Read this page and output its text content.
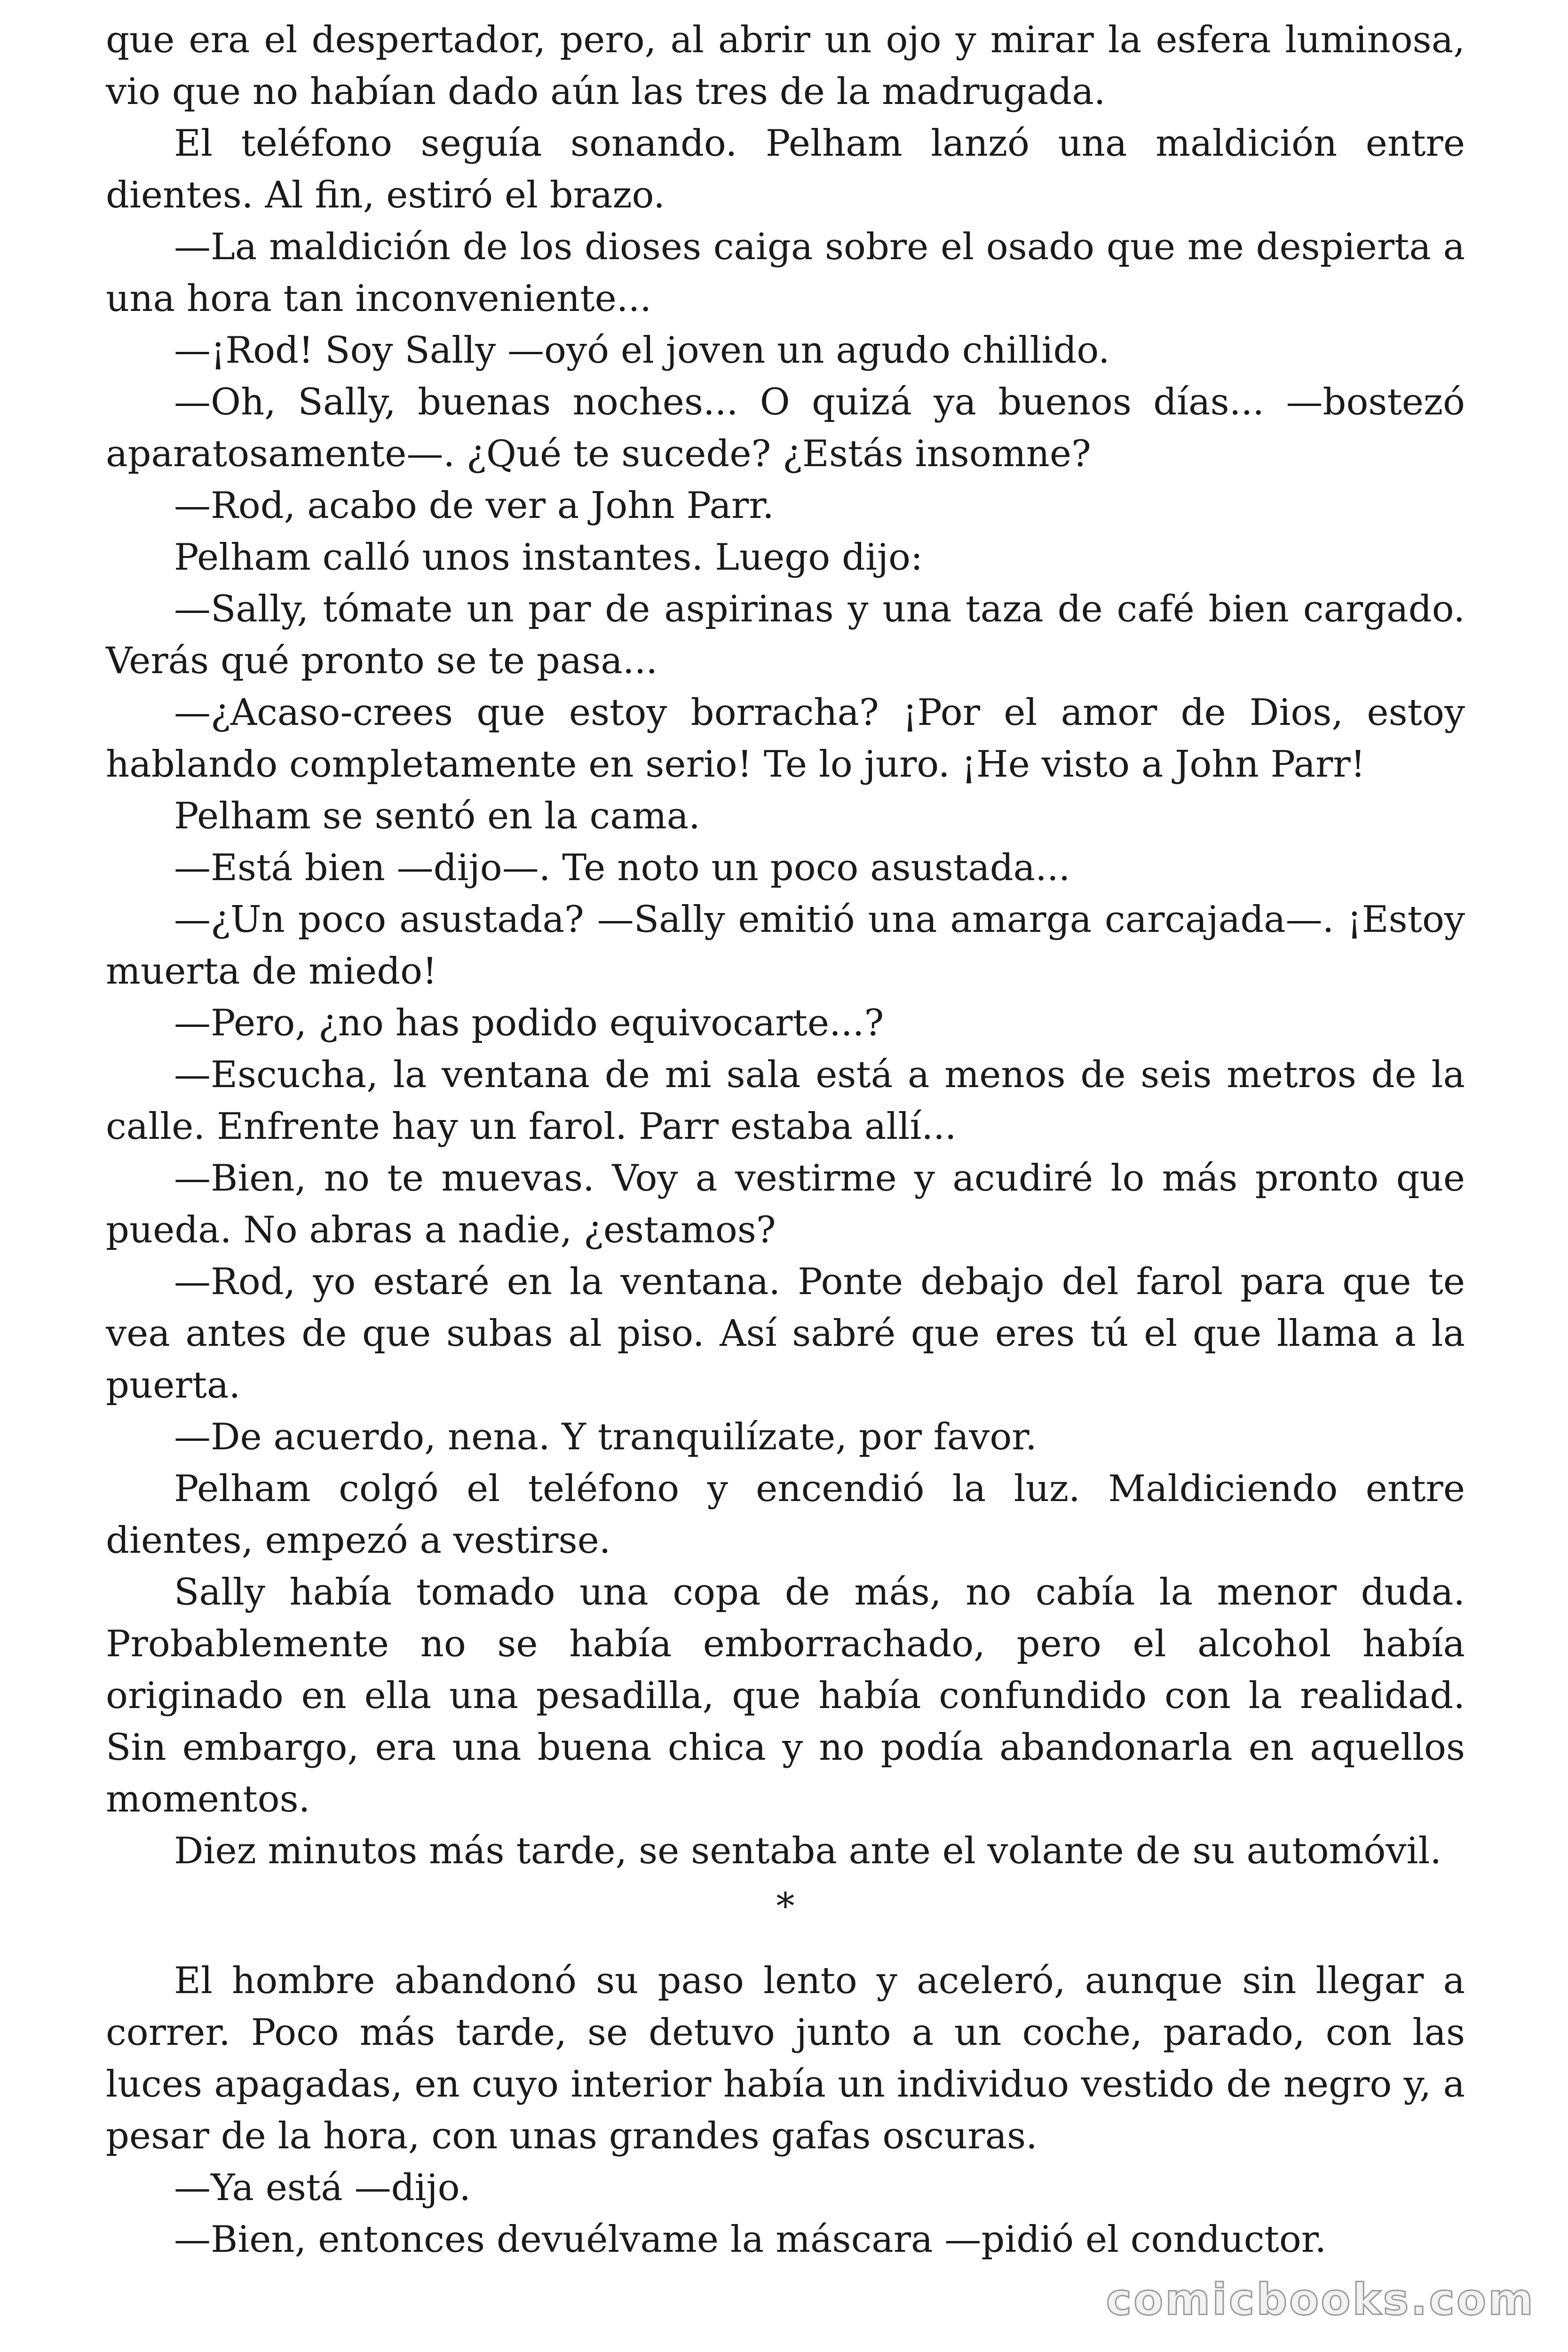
que era el despertador, pero, al abrir un ojo y mirar la esfera luminosa, vio que no habían dado aún las tres de la madrugada.

El teléfono seguía sonando. Pelham lanzó una maldición entre dientes. Al fin, estiró el brazo.

—La maldición de los dioses caiga sobre el osado que me despierta a una hora tan inconveniente...

—¡Rod! Soy Sally —oyó el joven un agudo chillido.

—Oh, Sally, buenas noches... O quizá ya buenos días... —bostezó aparatosamente—. ¿Qué te sucede? ¿Estás insomne?

—Rod, acabo de ver a John Parr.

Pelham calló unos instantes. Luego dijo:

—Sally, tómate un par de aspirinas y una taza de café bien cargado. Verás qué pronto se te pasa...

—¿Acaso-crees que estoy borracha? ¡Por el amor de Dios, estoy hablando completamente en serio! Te lo juro. ¡He visto a John Parr!

Pelham se sentó en la cama.

—Está bien —dijo—. Te noto un poco asustada...

—¿Un poco asustada? —Sally emitió una amarga carcajada—. ¡Estoy muerta de miedo!

—Pero, ¿no has podido equivocarte...?

—Escucha, la ventana de mi sala está a menos de seis metros de la calle. Enfrente hay un farol. Parr estaba allí...

—Bien, no te muevas. Voy a vestirme y acudiré lo más pronto que pueda. No abras a nadie, ¿estamos?

—Rod, yo estaré en la ventana. Ponte debajo del farol para que te vea antes de que subas al piso. Así sabré que eres tú el que llama a la puerta.

—De acuerdo, nena. Y tranquilízate, por favor.

Pelham colgó el teléfono y encendió la luz. Maldiciendo entre dientes, empezó a vestirse.

Sally había tomado una copa de más, no cabía la menor duda. Probablemente no se había emborrachado, pero el alcohol había originado en ella una pesadilla, que había confundido con la realidad. Sin embargo, era una buena chica y no podía abandonarla en aquellos momentos.

Diez minutos más tarde, se sentaba ante el volante de su automóvil.

*

El hombre abandonó su paso lento y aceleró, aunque sin llegar a correr. Poco más tarde, se detuvo junto a un coche, parado, con las luces apagadas, en cuyo interior había un individuo vestido de negro y, a pesar de la hora, con unas grandes gafas oscuras.

—Ya está —dijo.

—Bien, entonces devuélvame la máscara —pidió el conductor.

comicbooks.com
